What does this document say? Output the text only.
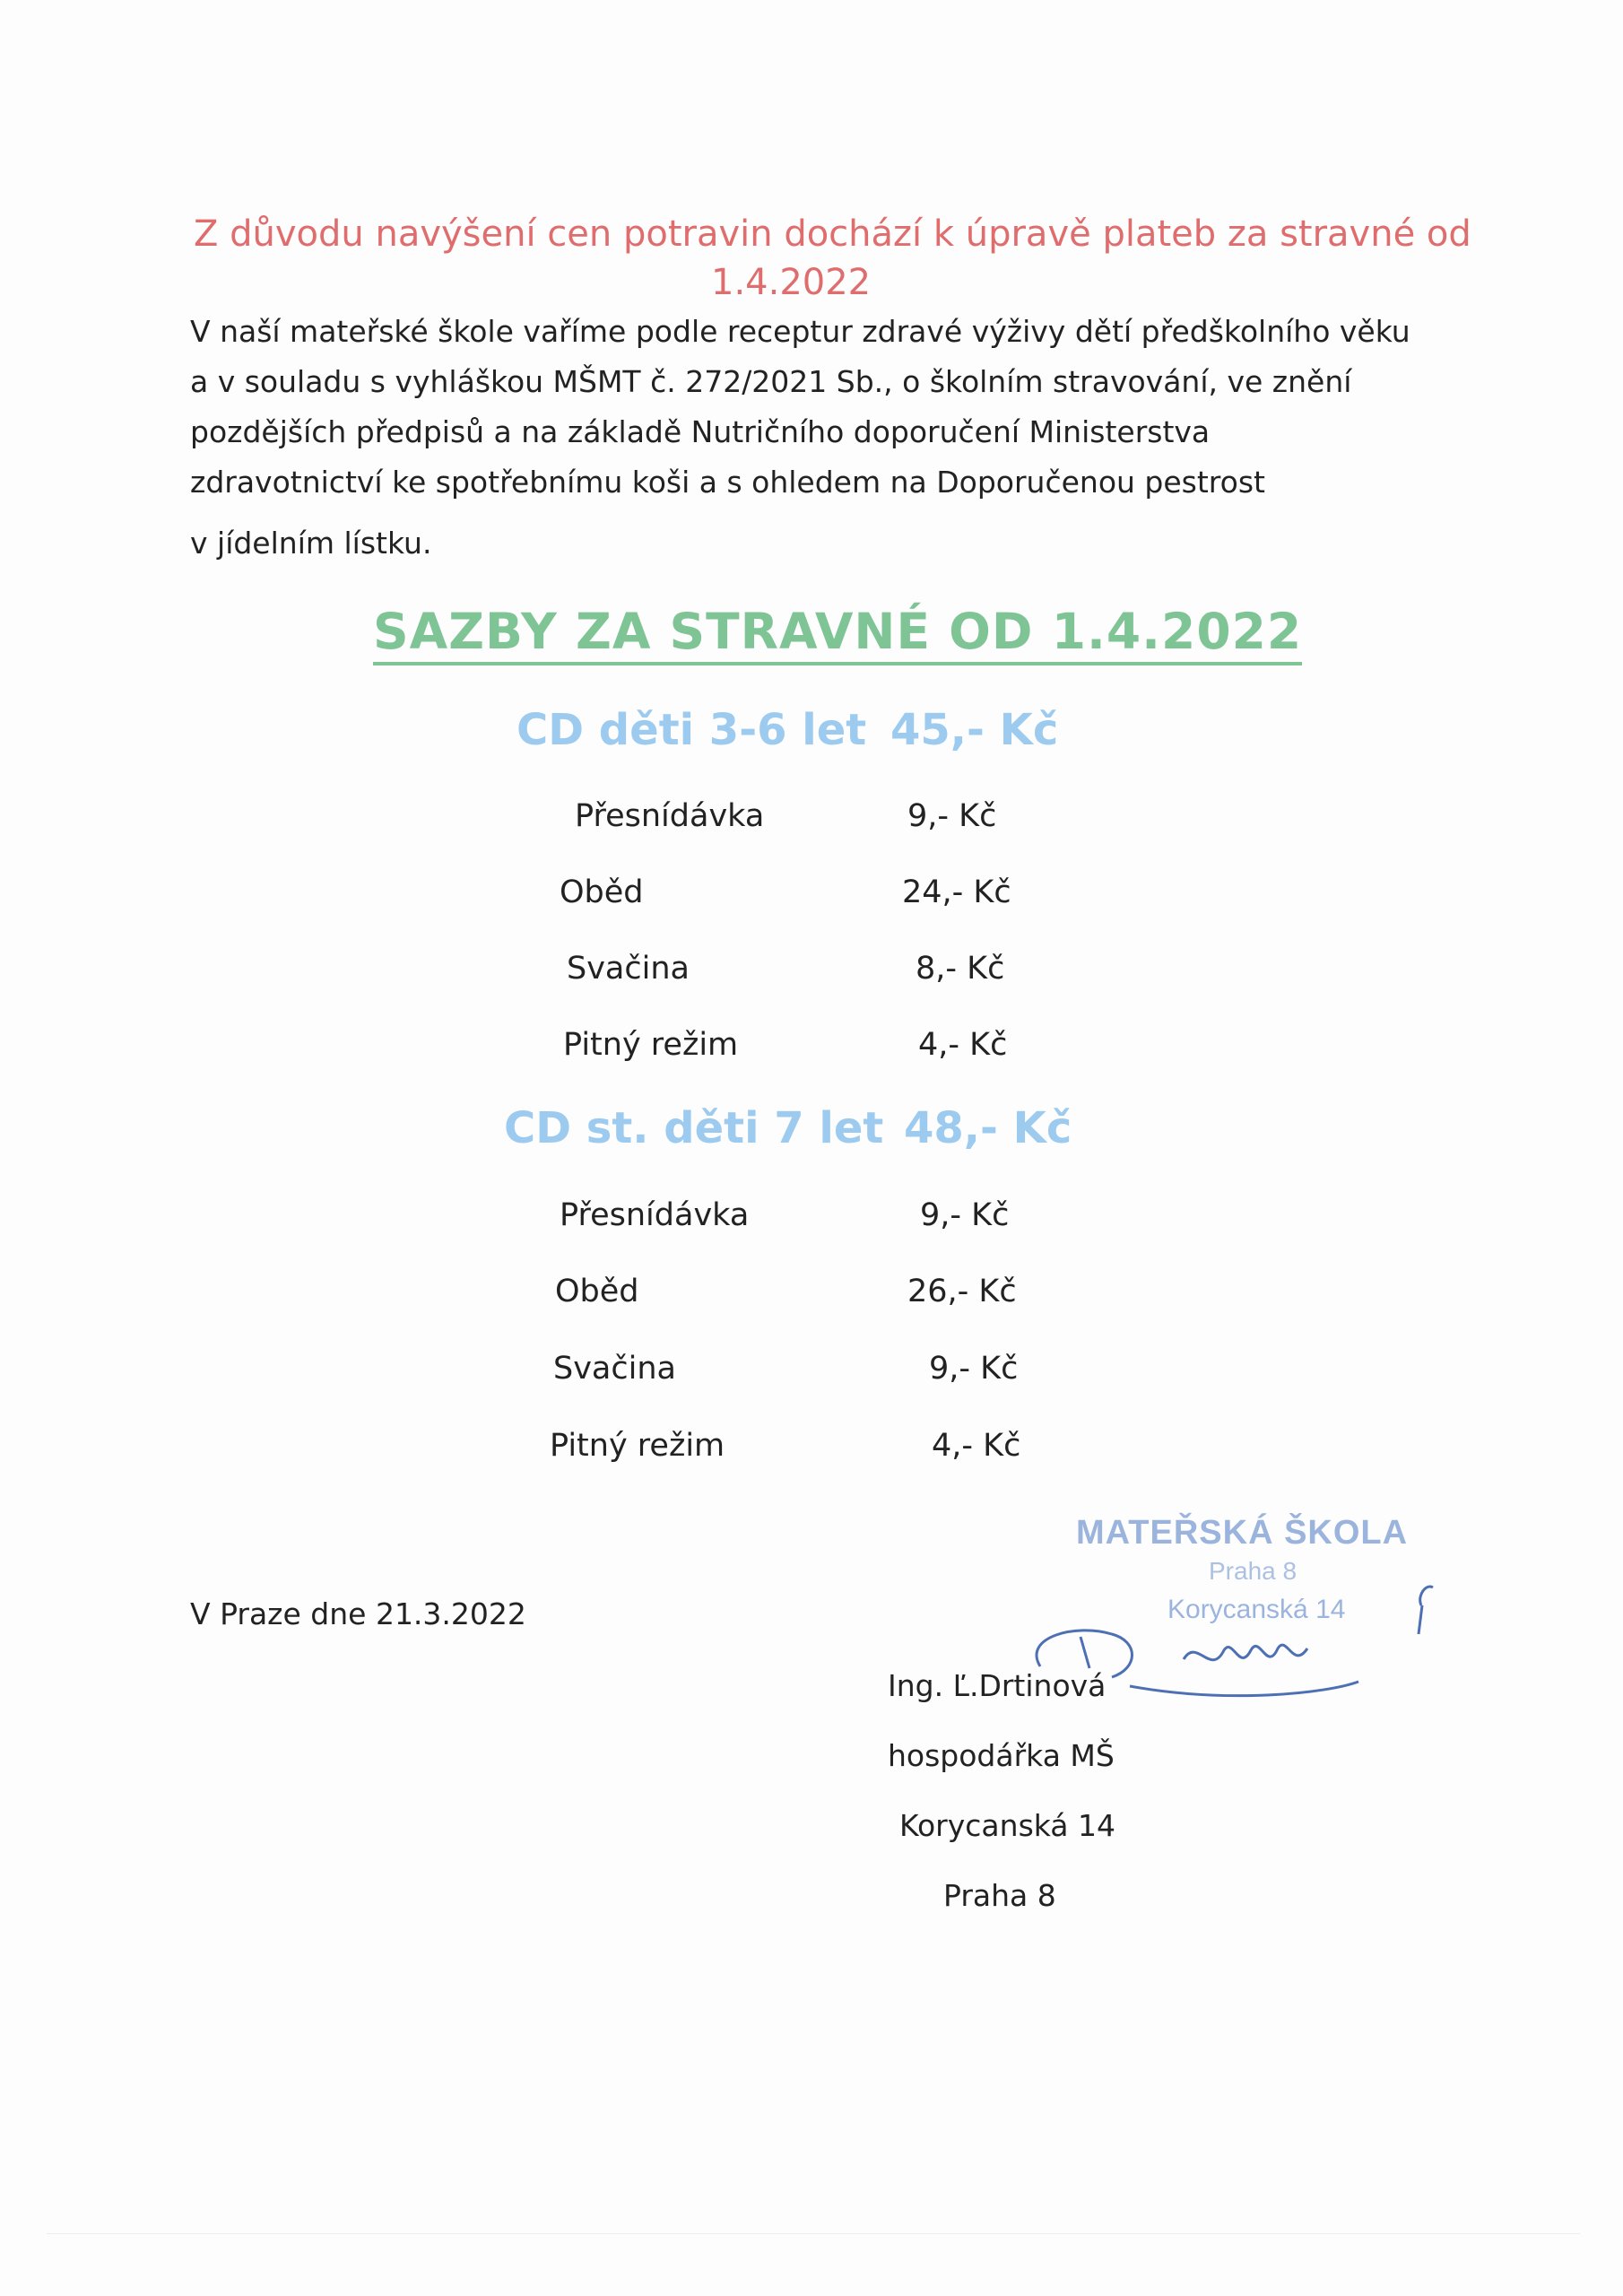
Z důvodu navýšení cen potravin dochází k úpravě plateb za stravné od
1.4.2022
V naší mateřské škole vaříme podle receptur zdravé výživy dětí předškolního věku
a v souladu s vyhláškou MŠMT č. 272/2021 Sb., o školním stravování, ve znění
pozdějších předpisů a na základě Nutričního doporučení Ministerstva
zdravotnictví ke spotřebnímu koši a s ohledem na Doporučenou pestrost
v jídelním lístku.
SAZBY ZA STRAVNÉ OD 1.4.2022
CD děti 3-6 let 45,- Kč
Přesnídávka	9,- Kč
Oběd	24,- Kč
Svačina	8,- Kč
Pitný režim	4,- Kč
CD st. děti 7 let 48,- Kč
Přesnídávka	9,- Kč
Oběd	26,- Kč
Svačina	9,- Kč
Pitný režim	4,- Kč
V Praze dne 21.3.2022
MATEŘSKÁ ŠKOLA
Praha 8
Korycanská 14
Ing. Ľ.Drtinová
hospodářka MŠ
Korycanská 14
Praha 8
